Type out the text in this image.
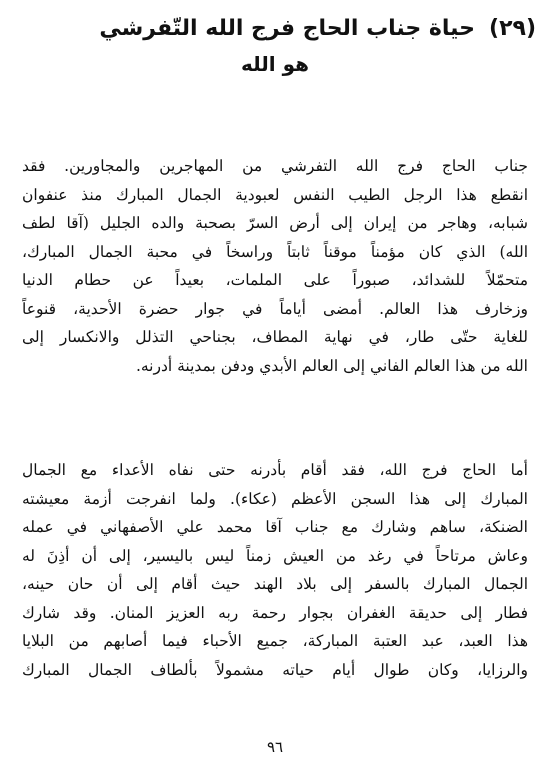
(٢٩)
حياة جناب الحاج فرج الله التّفرشي
هو الله
جناب الحاج فرج الله التفرشي من المهاجرين والمجاورين. فقد
انقطع هذا الرجل الطيب النفس لعبودية الجمال المبارك منذ عنفوان
شبابه، وهاجر من إيران إلى أرض السرّ بصحبة والده الجليل (آقا لطف
الله) الذي كان مؤمناً موقناً ثابتاً وراسخاً في محبة الجمال المبارك،
متحمّلاً للشدائد، صبوراً على الملمات، بعيداً عن حطام الدنيا
وزخارف هذا العالم. أمضى أياماً في جوار حضرة الأحدية، قنوعاً
للغاية حتّى طار، في نهاية المطاف، بجناحي التذلل والانكسار إلى
الله من هذا العالم الفاني إلى العالم الأبدي ودفن بمدينة أدرنه.
أما الحاج فرج الله، فقد أقام بأدرنه حتى نفاه الأعداء مع الجمال
المبارك إلى هذا السجن الأعظم (عكاء). ولما انفرجت أزمة معيشته
الضنكة، ساهم وشارك مع جناب آقا محمد علي الأصفهاني في عمله
وعاش مرتاحاً في رغد من العيش زمناً ليس باليسير، إلى أن أذِنَ له
الجمال المبارك بالسفر إلى بلاد الهند حيث أقام إلى أن حان حينه،
فطار إلى حديقة الغفران بجوار رحمة ربه العزيز المنان. وقد شارك
هذا العبد، عبد العتبة المباركة، جميع الأحباء فيما أصابهم من البلايا
والرزايا، وكان طوال أيام حياته مشمولاً بألطاف الجمال المبارك
٩٦
